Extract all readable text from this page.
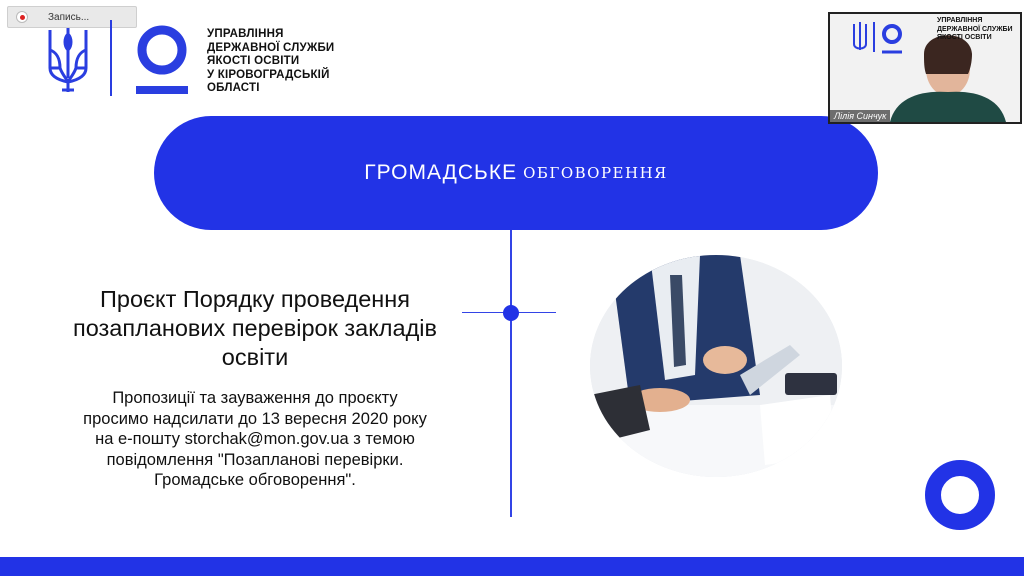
Запись...
УПРАВЛІННЯ
ДЕРЖАВНОЇ СЛУЖБИ
ЯКОСТІ ОСВІТИ
У КІРОВОГРАДСЬКІЙ
ОБЛАСТІ
ГРОМАДСЬКЕ ОБГОВОРЕННЯ
Проєкт Порядку проведення
позапланових перевірок закладів
освіти
Пропозиції та зауваження до проєкту
просимо надсилати до 13 вересня 2020 року
на е-пошту storchak@mon.gov.ua з темою
повідомлення "Позапланові перевірки.
Громадське обговорення".
УПРАВЛІННЯ
ДЕРЖАВНОЇ СЛУЖБИ
ЯКОСТІ ОСВІТИ
Лілія Синчук
